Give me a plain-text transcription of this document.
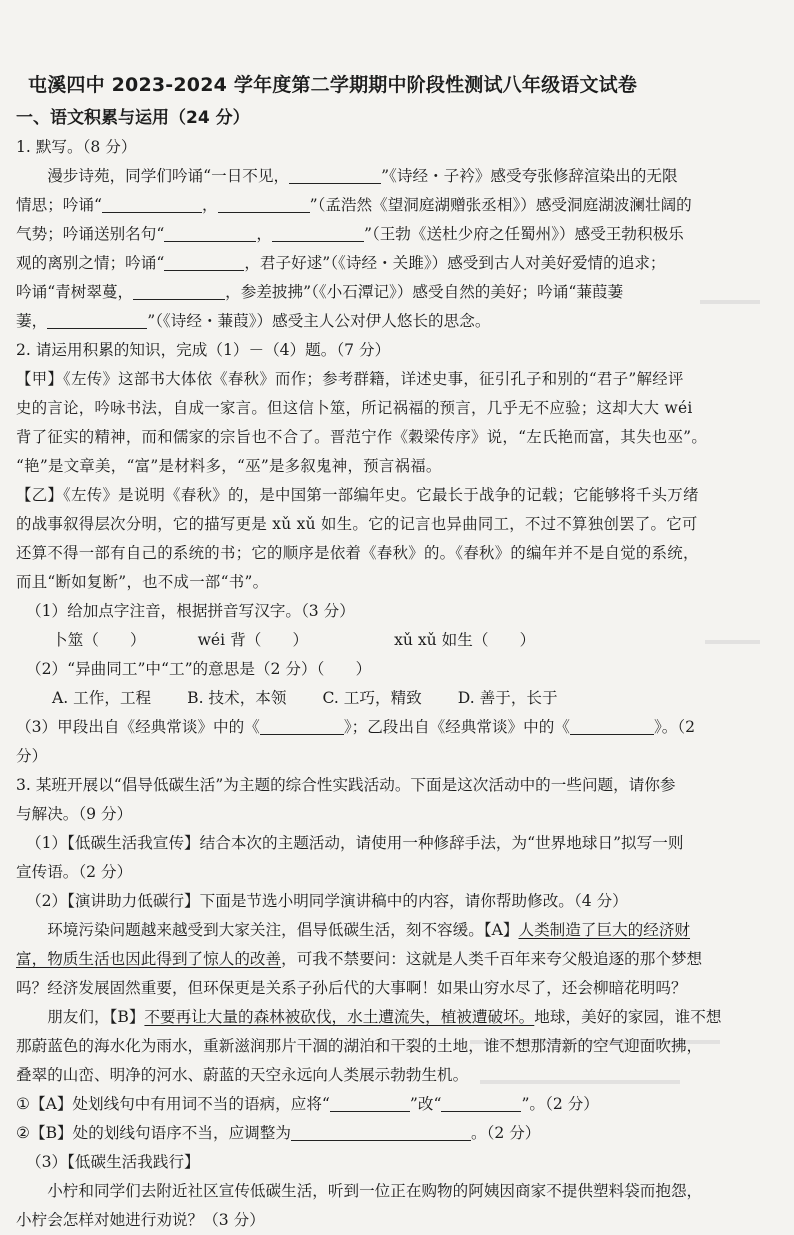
屯溪四中 2023-2024 学年度第二学期期中阶段性测试八年级语文试卷
一、语文积累与运用（24 分）
1. 默写。（8 分）
漫步诗苑，同学们吟诵“一日不见，	”《诗经・子衿》感受夸张修辞渲染出的无限
情思；吟诵“	，	”（孟浩然《望洞庭湖赠张丞相》）感受洞庭湖波澜壮阔的
气势；吟诵送别名句“	，	”（王勃《送杜少府之任蜀州》）感受王勃积极乐
观的离别之情；吟诵“	，君子好逑”（《诗经・关雎》）感受到古人对美好爱情的追求；
吟诵“青树翠蔓，	，参差披拂”（《小石潭记》）感受自然的美好；吟诵“蒹葭萋
萋，	”（《诗经・蒹葭》）感受主人公对伊人悠长的思念。
2. 请运用积累的知识，完成（1）－（4）题。（7 分）
【甲】《左传》这部书大体依《春秋》而作；参考群籍，详述史事，征引孔子和别的“君子”解经评
史的言论，吟咏书法，自成一家言。但这信卜筮，所记祸福的预言，几乎无不应验；这却大大 wéi
背了征实的精神，而和儒家的宗旨也不合了。晋范宁作《穀梁传序》说，“左氏艳而富，其失也巫”。
“艳”是文章美，“富”是材料多，“巫”是多叙鬼神，预言祸福。
【乙】《左传》是说明《春秋》的，是中国第一部编年史。它最长于战争的记载；它能够将千头万绪
的战事叙得层次分明，它的描写更是 xǔ xǔ 如生。它的记言也异曲同工，不过不算独创罢了。它可
还算不得一部有自己的系统的书；它的顺序是依着《春秋》的。《春秋》的编年并不是自觉的系统，
而且“断如复断”，也不成一部“书”。
（1）给加点字注音，根据拼音写汉字。（3 分）
卜筮（　　）	wéi 背（　　）	xǔ xǔ 如生（　　）
（2）“异曲同工”中“工”的意思是（2 分）（　　）
A. 工作，工程 B. 技术，本领 C. 工巧，精致 D. 善于，长于
（3）甲段出自《经典常谈》中的《	》；乙段出自《经典常谈》中的《	》。（2
分）
3. 某班开展以“倡导低碳生活”为主题的综合性实践活动。下面是这次活动中的一些问题，请你参
与解决。（9 分）
（1）【低碳生活我宣传】结合本次的主题活动，请使用一种修辞手法，为“世界地球日”拟写一则
宣传语。（2 分）
（2）【演讲助力低碳行】下面是节选小明同学演讲稿中的内容，请你帮助修改。（4 分）
环境污染问题越来越受到大家关注，倡导低碳生活，刻不容缓。【A】人类制造了巨大的经济财
富，物质生活也因此得到了惊人的改善，可我不禁要问：这就是人类千百年来夸父般追逐的那个梦想
吗？经济发展固然重要，但环保更是关系子孙后代的大事啊！如果山穷水尽了，还会柳暗花明吗？
朋友们，【B】不要再让大量的森林被砍伐，水土遭流失，植被遭破坏。地球，美好的家园，谁不想
那蔚蓝色的海水化为雨水，重新滋润那片干涸的湖泊和干裂的土地，谁不想那清新的空气迎面吹拂，
叠翠的山峦、明净的河水、蔚蓝的天空永远向人类展示勃勃生机。
①【A】处划线句中有用词不当的语病，应将“	”改“	”。（2 分）
②【B】处的划线句语序不当，应调整为	。（2 分）
（3）【低碳生活我践行】
小柠和同学们去附近社区宣传低碳生活，听到一位正在购物的阿姨因商家不提供塑料袋而抱怨，
小柠会怎样对她进行劝说？（3 分）
